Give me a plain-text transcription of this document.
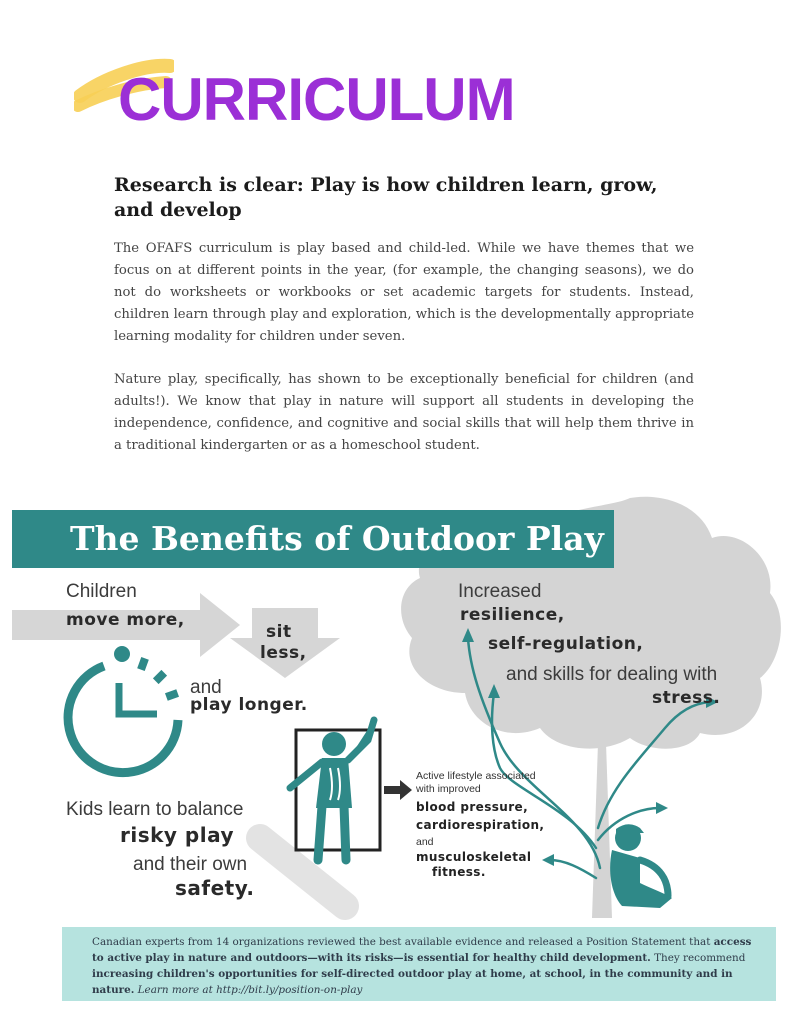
CURRICULUM
Research is clear: Play is how children learn, grow, and develop

The OFAFS curriculum is play based and child-led. While we have themes that we focus on at different points in the year, (for example, the changing seasons), we do not do worksheets or workbooks or set academic targets for students. Instead, children learn through play and exploration, which is the developmentally appropriate learning modality for children under seven.

Nature play, specifically, has shown to be exceptionally beneficial for children (and adults!). We know that play in nature will support all students in developing the independence, confidence, and cognitive and social skills that will help them thrive in a traditional kindergarten or as a homeschool student.

The Benefits of Outdoor Play
Children
move more,
sit
less,
and
play longer.
Increased
resilience,
self-regulation,
and skills for dealing with
stress.
Active lifestyle associated
with improved
blood pressure,
cardiorespiration,
and
musculoskeletal
fitness.
Kids learn to balance
risky play
and their own
safety.

Canadian experts from 14 organizations reviewed the best available evidence and released a Position Statement that access to active play in nature and outdoors—with its risks—is essential for healthy child development. They recommend increasing children's opportunities for self-directed outdoor play at home, at school, in the community and in nature. Learn more at http://bit.ly/position-on-play
